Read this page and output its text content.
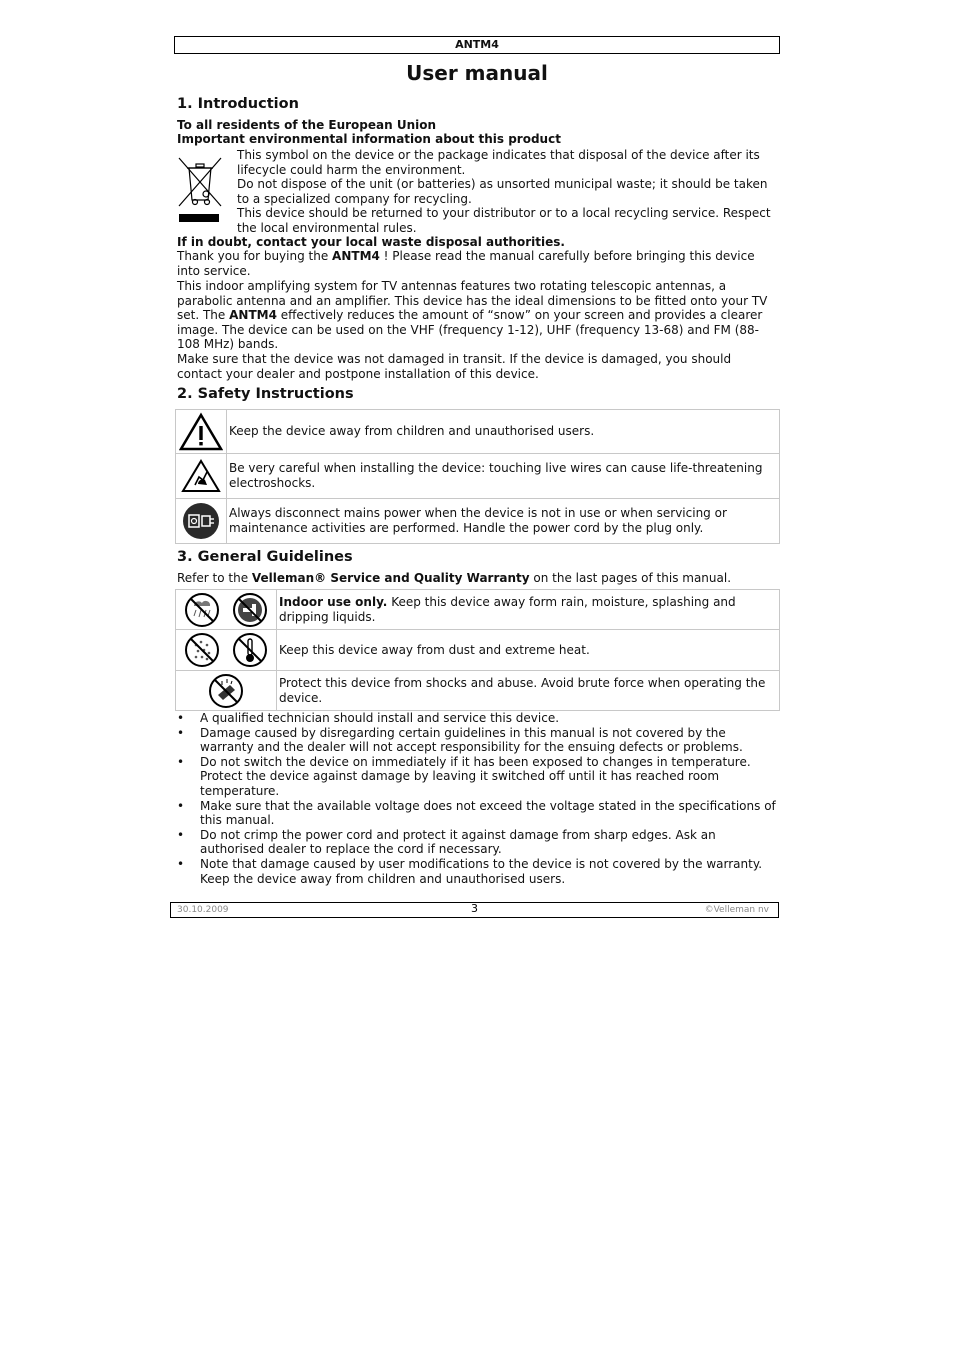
ANTM4
User manual
1. Introduction
To all residents of the European Union
Important environmental information about this product
This symbol on the device or the package indicates that disposal of the device after its lifecycle could harm the environment.
Do not dispose of the unit (or batteries) as unsorted municipal waste; it should be taken to a specialized company for recycling.
This device should be returned to your distributor or to a local recycling service. Respect the local environmental rules.
If in doubt, contact your local waste disposal authorities.
Thank you for buying the ANTM4 ! Please read the manual carefully before bringing this device into service.
This indoor amplifying system for TV antennas features two rotating telescopic antennas, a parabolic antenna and an amplifier. This device has the ideal dimensions to be fitted onto your TV set. The ANTM4 effectively reduces the amount of “snow” on your screen and provides a clearer image. The device can be used on the VHF (frequency 1-12), UHF (frequency 13-68) and FM (88-108 MHz) bands.
Make sure that the device was not damaged in transit. If the device is damaged, you should contact your dealer and postpone installation of this device.
2. Safety Instructions
	Keep the device away from children and unauthorised users.

	Be very careful when installing the device: touching live wires can cause life-threatening electroshocks.

	Always disconnect mains power when the device is not in use or when servicing or maintenance activities are performed. Handle the power cord by the plug only.
3. General Guidelines
Refer to the Velleman® Service and Quality Warranty on the last pages of this manual.
	Indoor use only. Keep this device away form rain, moisture, splashing and dripping liquids.

	Keep this device away from dust and extreme heat.

	Protect this device from shocks and abuse. Avoid brute force when operating the device.
• A qualified technician should install and service this device.
• Damage caused by disregarding certain guidelines in this manual is not covered by the warranty and the dealer will not accept responsibility for the ensuing defects or problems.
• Do not switch the device on immediately if it has been exposed to changes in temperature. Protect the device against damage by leaving it switched off until it has reached room temperature.
• Make sure that the available voltage does not exceed the voltage stated in the specifications of this manual.
• Do not crimp the power cord and protect it against damage from sharp edges. Ask an authorised dealer to replace the cord if necessary.
• Note that damage caused by user modifications to the device is not covered by the warranty. Keep the device away from children and unauthorised users.
30.10.2009	3	©Velleman nv
